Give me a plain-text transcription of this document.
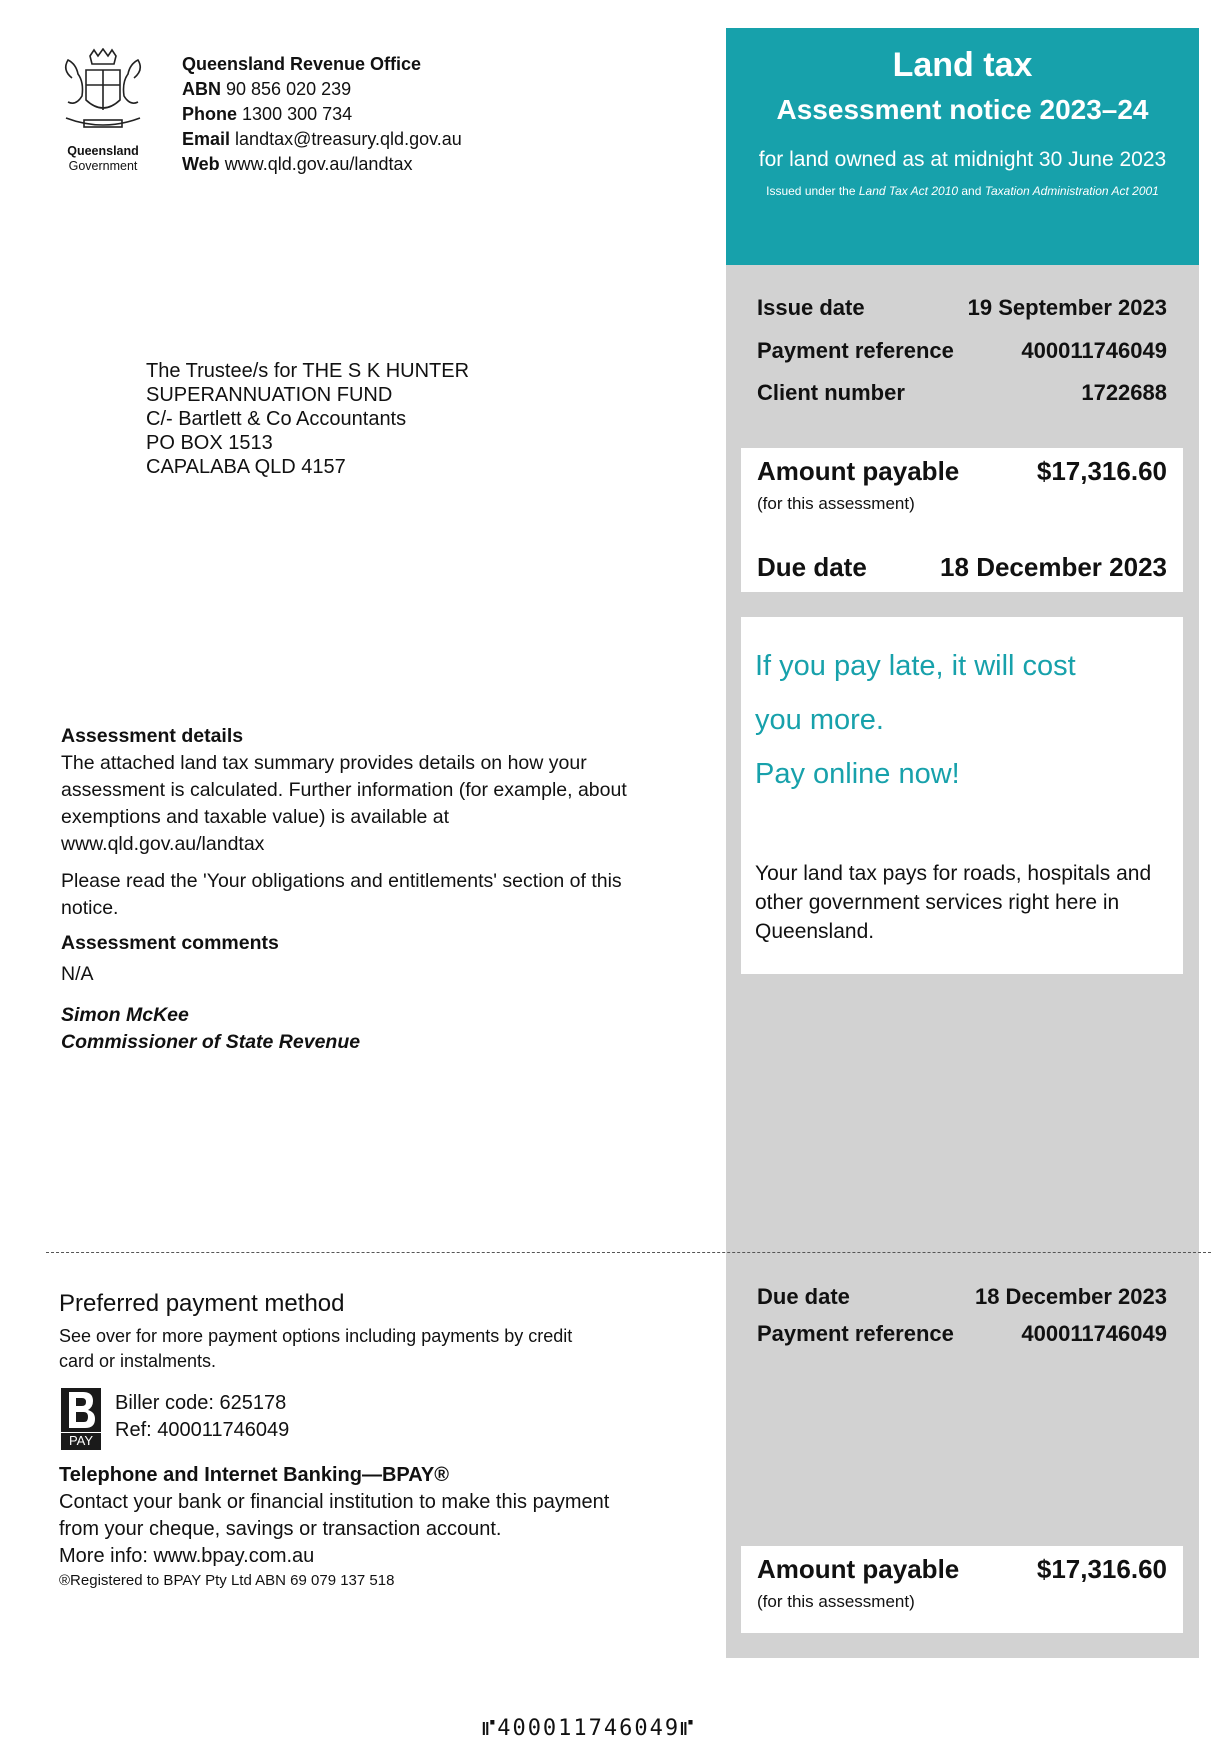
Land tax
Assessment notice 2023–24
for land owned as at midnight 30 June 2023
Issued under the Land Tax Act 2010 and Taxation Administration Act 2001
Issue date	19 September 2023
Payment reference	400011746049
Client number	1722688
Amount payable	$17,316.60
(for this assessment)
Due date	18 December 2023
If you pay late, it will cost
you more.
Pay online now!
Your land tax pays for roads, hospitals and other government services right here in Queensland.
Queensland
Government
Queensland Revenue Office
ABN 90 856 020 239
Phone 1300 300 734
Email landtax@treasury.qld.gov.au
Web www.qld.gov.au/landtax
The Trustee/s for THE S K HUNTER
SUPERANNUATION FUND
C/- Bartlett & Co Accountants
PO BOX 1513
CAPALABA QLD 4157
Assessment details
The attached land tax summary provides details on how your assessment is calculated. Further information (for example, about exemptions and taxable value) is available at www.qld.gov.au/landtax
Please read the 'Your obligations and entitlements' section of this notice.
Assessment comments
N/A
Simon McKee
Commissioner of State Revenue
Preferred payment method
See over for more payment options including payments by credit card or instalments.
PAY
Biller code: 625178
Ref: 400011746049
Telephone and Internet Banking—BPAY®
Contact your bank or financial institution to make this payment from your cheque, savings or transaction account.
More info: www.bpay.com.au
®Registered to BPAY Pty Ltd ABN 69 079 137 518
Due date	18 December 2023
Payment reference	400011746049
Amount payable	$17,316.60
(for this assessment)
⑈400011746049⑈
